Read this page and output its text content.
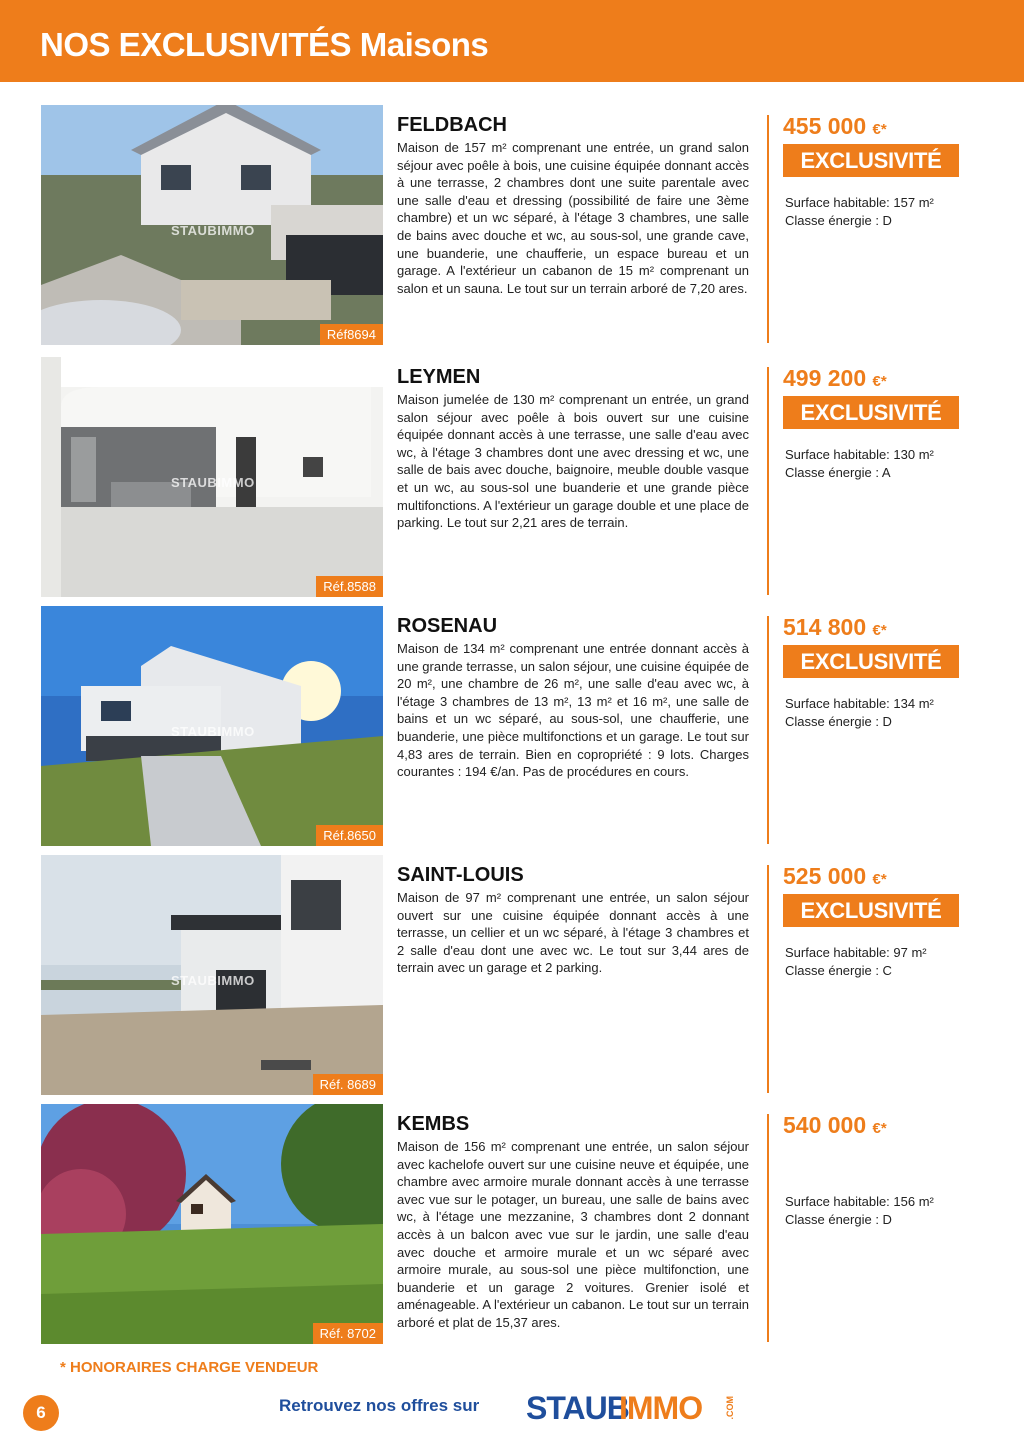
NOS EXCLUSIVITÉS Maisons
STAUBIMMO
Réf8694
FELDBACH

Maison de 157 m² comprenant une entrée, un grand salon séjour avec poêle à bois, une cuisine équipée donnant accès à une terrasse, 2 chambres dont une suite parentale avec une salle d'eau et dressing (possibilité de faire une 3ème chambre) et un wc séparé, à l'étage 3 chambres, une salle de bains avec douche et wc, au sous-sol, une grande cave, une buanderie, une chaufferie, un espace bureau et un garage. A l'extérieur un cabanon de 15 m² comprenant un salon et un sauna. Le tout sur un terrain arboré de 7,20 ares.

455 000 €*
EXCLUSIVITÉ
Surface habitable: 157 m²
Classe énergie : D
STAUBIMMO
Réf.8588
LEYMEN

Maison jumelée de 130 m² comprenant un entrée, un grand salon séjour avec poêle à bois ouvert sur une cuisine équipée donnant accès à une terrasse, une salle d'eau avec wc, à l'étage 3 chambres dont une avec dressing et wc, une salle de bais avec douche, baignoire, meuble double vasque et un wc, au sous-sol une buanderie et une grande pièce multifonctions. A l'extérieur un garage double et une place de parking. Le tout sur 2,21 ares de terrain.

499 200 €*
EXCLUSIVITÉ
Surface habitable: 130 m²
Classe énergie : A
STAUBIMMO
Réf.8650
ROSENAU

Maison de 134 m² comprenant une entrée donnant accès à une grande terrasse, un salon séjour, une cuisine équipée de 20 m², une chambre de 26 m², une salle d'eau avec wc, à l'étage 3 chambres de 13 m², 13 m² et 16 m², une salle de bains et un wc séparé, au sous-sol, une chaufferie, une buanderie, une pièce multifonctions et un garage. Le tout sur 4,83 ares de terrain. Bien en copropriété : 9 lots. Charges courantes : 194 €/an. Pas de procédures en cours.

514 800 €*
EXCLUSIVITÉ
Surface habitable: 134 m²
Classe énergie : D
STAUBIMMO
Réf. 8689
SAINT-LOUIS

Maison de 97 m² comprenant une entrée, un salon séjour ouvert sur une cuisine équipée donnant accès à une terrasse, un cellier et un wc séparé, à l'étage 3 chambres et 2 salle d'eau dont une avec wc. Le tout sur 3,44 ares de terrain avec un garage et 2 parking.

525 000 €*
EXCLUSIVITÉ
Surface habitable: 97 m²
Classe énergie : C
Réf. 8702
KEMBS

Maison de 156 m² comprenant une entrée, un salon séjour avec kachelofe ouvert sur une cuisine neuve et équipée, une chambre avec armoire murale donnant accès à une terrasse avec vue sur le potager, un bureau, une salle de bains avec wc, à l'étage une mezzanine, 3 chambres dont 2 donnant accès à un balcon avec vue sur le jardin, une salle d'eau avec douche et armoire murale et un wc séparé avec armoire murale, au sous-sol une pièce multifonction, une buanderie et un garage 2 voitures. Grenier isolé et aménageable. A l'extérieur un cabanon. Le tout sur un terrain arboré et plat de 15,37 ares.

540 000 €*
Surface habitable: 156 m²
Classe énergie : D
* HONORAIRES CHARGE VENDEUR
6	Retrouvez nos offres sur STAUB
IMMO	.COM
